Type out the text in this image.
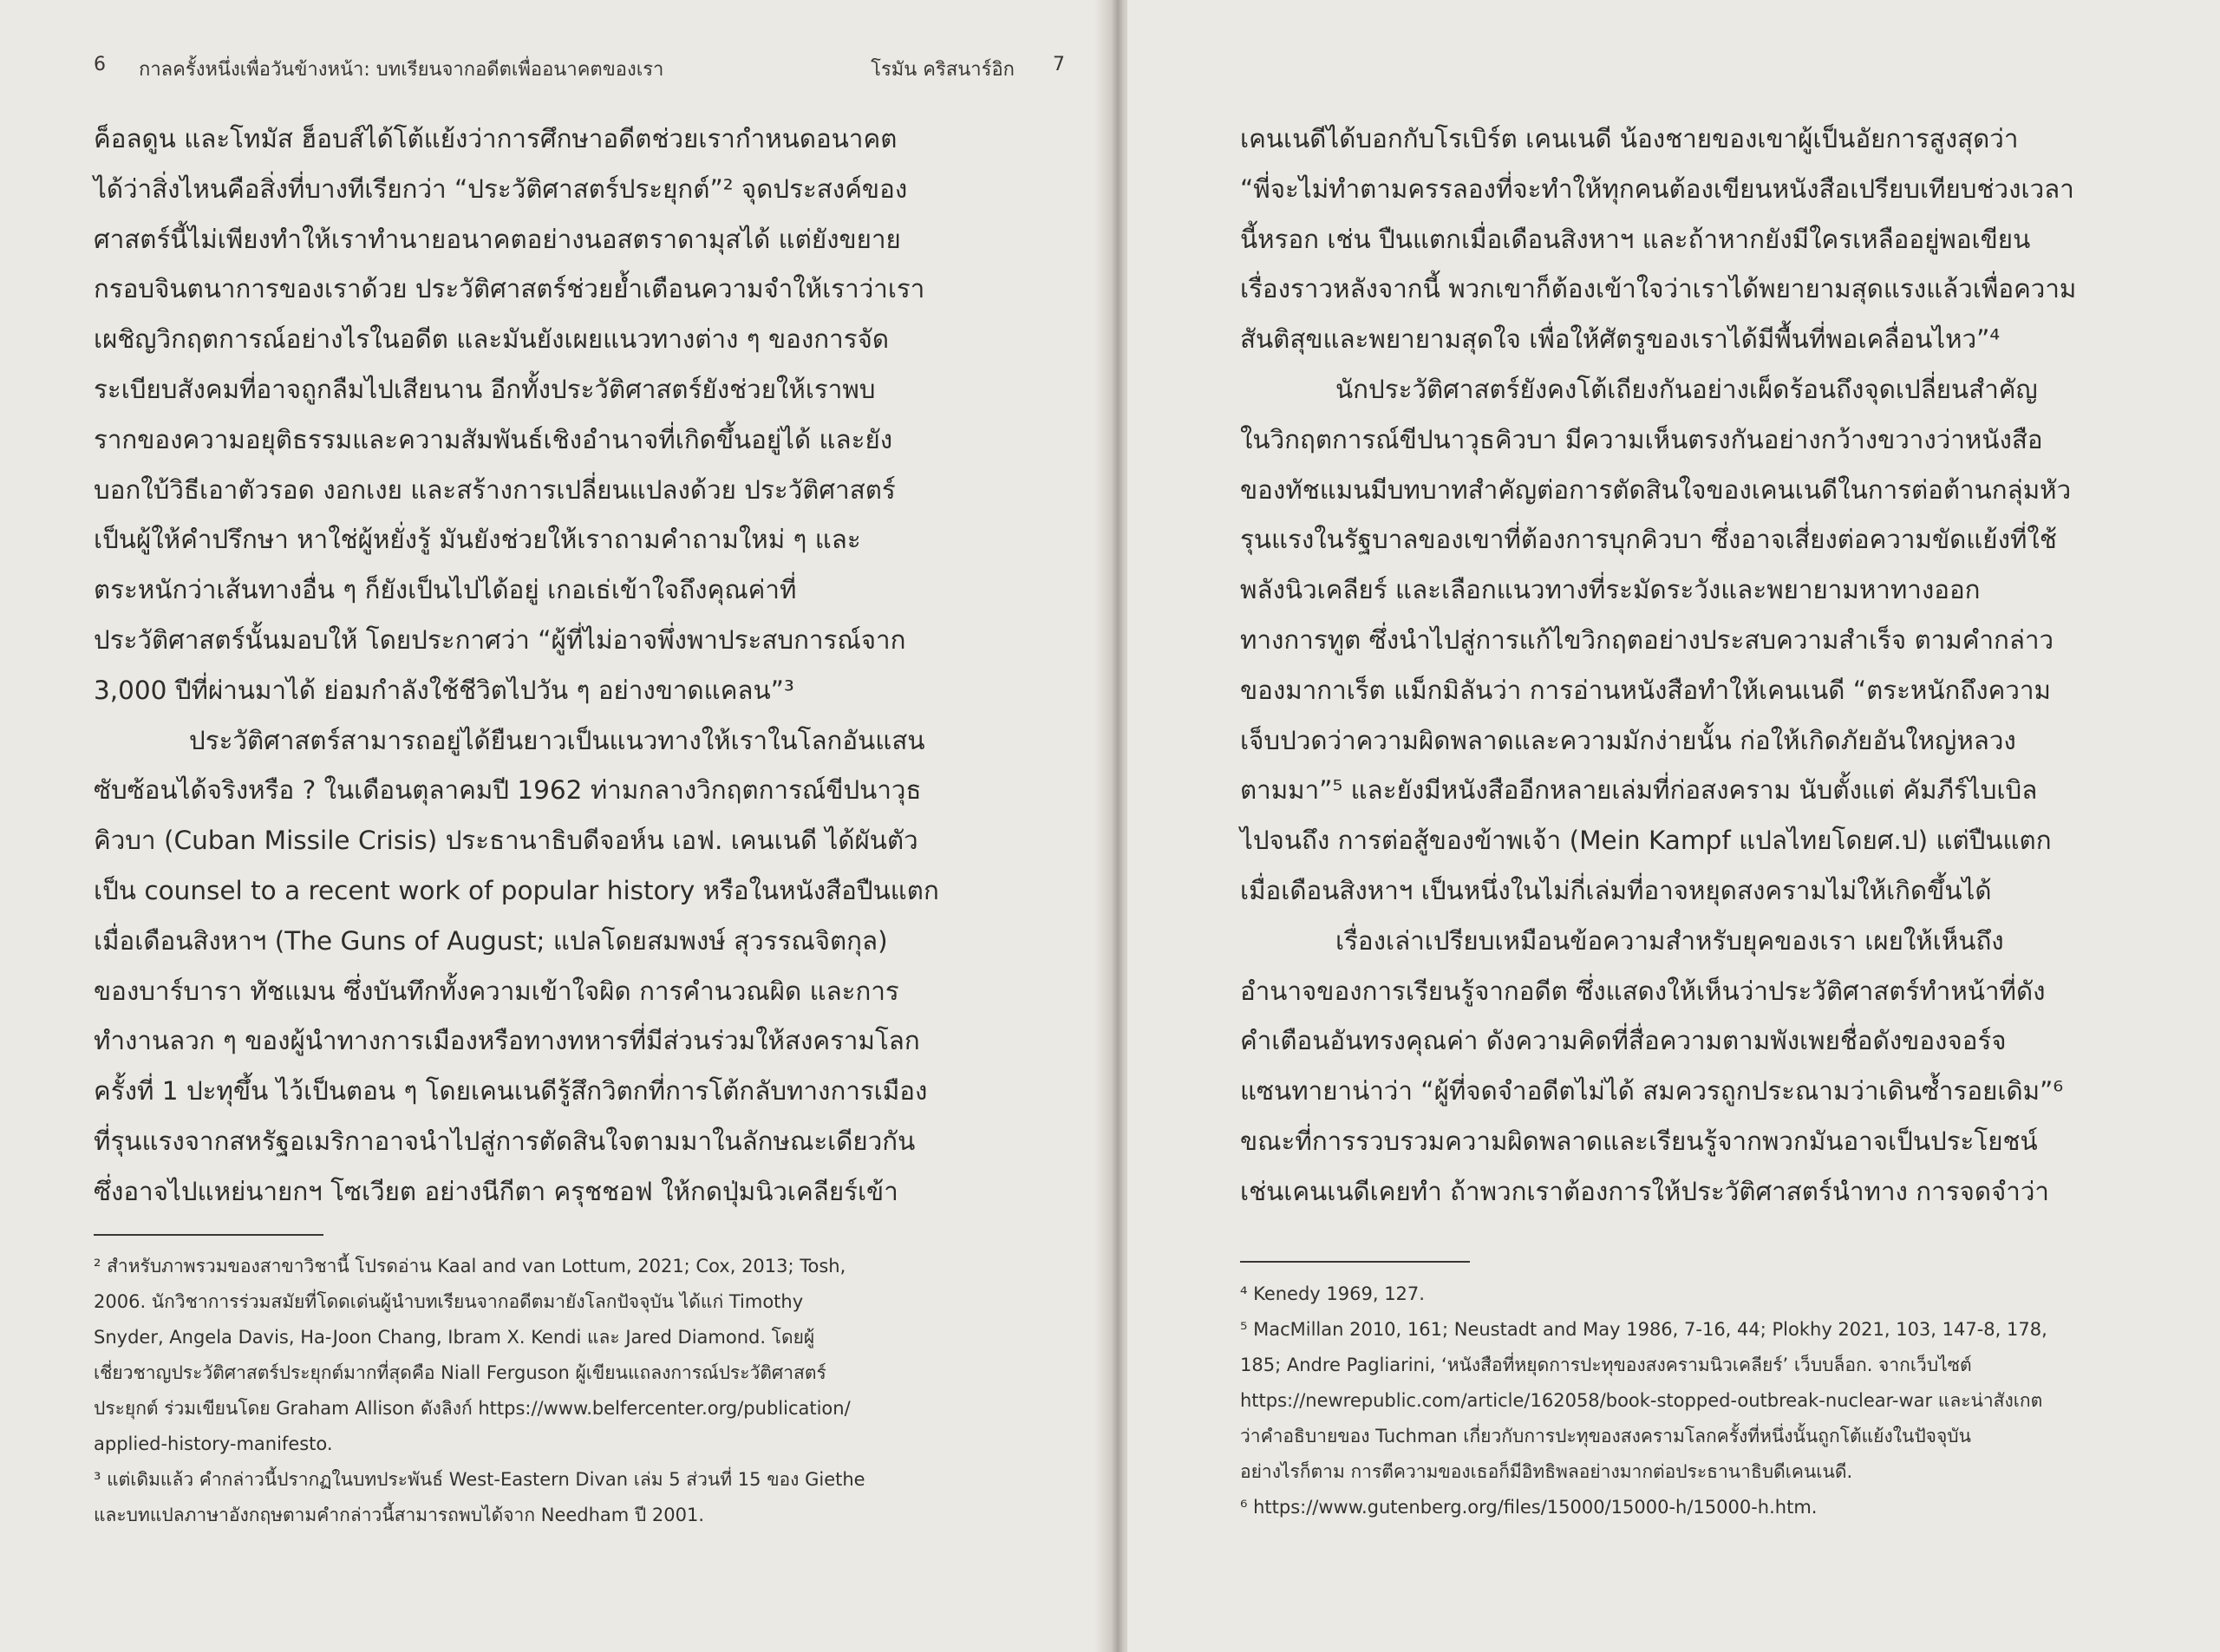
6 กาลครั้งหนึ่งเพื่อวันข้างหน้า: บทเรียนจากอดีตเพื่ออนาคตของเรา
ค็อลดูน และโทมัส ฮ็อบส์ได้โต้แย้งว่าการศึกษาอดีตช่วยเรากำหนดอนาคต
ได้ว่าสิ่งไหนคือสิ่งที่บางทีเรียกว่า “ประวัติศาสตร์ประยุกต์”² จุดประสงค์ของ
ศาสตร์นี้ไม่เพียงทำให้เราทำนายอนาคตอย่างนอสตราดามุสได้ แต่ยังขยาย
กรอบจินตนาการของเราด้วย ประวัติศาสตร์ช่วยย้ำเตือนความจำให้เราว่าเรา
เผชิญวิกฤตการณ์อย่างไรในอดีต และมันยังเผยแนวทางต่าง ๆ ของการจัด
ระเบียบสังคมที่อาจถูกลืมไปเสียนาน อีกทั้งประวัติศาสตร์ยังช่วยให้เราพบ
รากของความอยุติธรรมและความสัมพันธ์เชิงอำนาจที่เกิดขึ้นอยู่ได้ และยัง
บอกใบ้วิธีเอาตัวรอด งอกเงย และสร้างการเปลี่ยนแปลงด้วย ประวัติศาสตร์
เป็นผู้ให้คำปรึกษา หาใช่ผู้หยั่งรู้ มันยังช่วยให้เราถามคำถามใหม่ ๆ และ
ตระหนักว่าเส้นทางอื่น ๆ ก็ยังเป็นไปได้อยู่ เกอเธ่เข้าใจถึงคุณค่าที่
ประวัติศาสตร์นั้นมอบให้ โดยประกาศว่า “ผู้ที่ไม่อาจพึ่งพาประสบการณ์จาก
3,000 ปีที่ผ่านมาได้ ย่อมกำลังใช้ชีวิตไปวัน ๆ อย่างขาดแคลน”³
ประวัติศาสตร์สามารถอยู่ได้ยืนยาวเป็นแนวทางให้เราในโลกอันแสน
ซับซ้อนได้จริงหรือ ? ในเดือนตุลาคมปี 1962 ท่ามกลางวิกฤตการณ์ขีปนาวุธ
คิวบา (Cuban Missile Crisis) ประธานาธิบดีจอห์น เอฟ. เคนเนดี ได้ผันตัว
เป็น counsel to a recent work of popular history หรือในหนังสือปืนแตก
เมื่อเดือนสิงหาฯ (The Guns of August; แปลโดยสมพงษ์ สุวรรณจิตกุล)
ของบาร์บารา ทัชแมน ซึ่งบันทึกทั้งความเข้าใจผิด การคำนวณผิด และการ
ทำงานลวก ๆ ของผู้นำทางการเมืองหรือทางทหารที่มีส่วนร่วมให้สงครามโลก
ครั้งที่ 1 ปะทุขึ้น ไว้เป็นตอน ๆ โดยเคนเนดีรู้สึกวิตกที่การโต้กลับทางการเมือง
ที่รุนแรงจากสหรัฐอเมริกาอาจนำไปสู่การตัดสินใจตามมาในลักษณะเดียวกัน
ซึ่งอาจไปแหย่นายกฯ โซเวียต อย่างนีกีตา ครุชชอฟ ให้กดปุ่มนิวเคลียร์เข้า
² สำหรับภาพรวมของสาขาวิชานี้ โปรดอ่าน Kaal and van Lottum, 2021; Cox, 2013; Tosh,
2006. นักวิชาการร่วมสมัยที่โดดเด่นผู้นำบทเรียนจากอดีตมายังโลกปัจจุบัน ได้แก่ Timothy
Snyder, Angela Davis, Ha-Joon Chang, Ibram X. Kendi และ Jared Diamond. โดยผู้
เชี่ยวชาญประวัติศาสตร์ประยุกต์มากที่สุดคือ Niall Ferguson ผู้เขียนแถลงการณ์ประวัติศาสตร์
ประยุกต์ ร่วมเขียนโดย Graham Allison ดังลิงก์ https://www.belfercenter.org/publication/
applied-history-manifesto.
³ แต่เดิมแล้ว คำกล่าวนี้ปรากฏในบทประพันธ์ West-Eastern Divan เล่ม 5 ส่วนที่ 15 ของ Giethe
และบทแปลภาษาอังกฤษตามคำกล่าวนี้สามารถพบได้จาก Needham ปี 2001.
โรมัน คริสนาร์อิก 7
เคนเนดีได้บอกกับโรเบิร์ต เคนเนดี น้องชายของเขาผู้เป็นอัยการสูงสุดว่า
“พี่จะไม่ทำตามครรลองที่จะทำให้ทุกคนต้องเขียนหนังสือเปรียบเทียบช่วงเวลา
นี้หรอก เช่น ปืนแตกเมื่อเดือนสิงหาฯ และถ้าหากยังมีใครเหลืออยู่พอเขียน
เรื่องราวหลังจากนี้ พวกเขาก็ต้องเข้าใจว่าเราได้พยายามสุดแรงแล้วเพื่อความ
สันติสุขและพยายามสุดใจ เพื่อให้ศัตรูของเราได้มีพื้นที่พอเคลื่อนไหว”⁴
นักประวัติศาสตร์ยังคงโต้เถียงกันอย่างเผ็ดร้อนถึงจุดเปลี่ยนสำคัญ
ในวิกฤตการณ์ขีปนาวุธคิวบา มีความเห็นตรงกันอย่างกว้างขวางว่าหนังสือ
ของทัชแมนมีบทบาทสำคัญต่อการตัดสินใจของเคนเนดีในการต่อต้านกลุ่มหัว
รุนแรงในรัฐบาลของเขาที่ต้องการบุกคิวบา ซึ่งอาจเสี่ยงต่อความขัดแย้งที่ใช้
พลังนิวเคลียร์ และเลือกแนวทางที่ระมัดระวังและพยายามหาทางออก
ทางการทูต ซึ่งนำไปสู่การแก้ไขวิกฤตอย่างประสบความสำเร็จ ตามคำกล่าว
ของมากาเร็ต แม็กมิลันว่า การอ่านหนังสือทำให้เคนเนดี “ตระหนักถึงความ
เจ็บปวดว่าความผิดพลาดและความมักง่ายนั้น ก่อให้เกิดภัยอันใหญ่หลวง
ตามมา”⁵ และยังมีหนังสืออีกหลายเล่มที่ก่อสงคราม นับตั้งแต่ คัมภีร์ไบเบิล
ไปจนถึง การต่อสู้ของข้าพเจ้า (Mein Kampf แปลไทยโดยศ.ป) แต่ปืนแตก
เมื่อเดือนสิงหาฯ เป็นหนึ่งในไม่กี่เล่มที่อาจหยุดสงครามไม่ให้เกิดขึ้นได้
เรื่องเล่าเปรียบเหมือนข้อความสำหรับยุคของเรา เผยให้เห็นถึง
อำนาจของการเรียนรู้จากอดีต ซึ่งแสดงให้เห็นว่าประวัติศาสตร์ทำหน้าที่ดัง
คำเตือนอันทรงคุณค่า ดังความคิดที่สื่อความตามพังเพยชื่อดังของจอร์จ
แซนทายาน่าว่า “ผู้ที่จดจำอดีตไม่ได้ สมควรถูกประณามว่าเดินซ้ำรอยเดิม”⁶
ขณะที่การรวบรวมความผิดพลาดและเรียนรู้จากพวกมันอาจเป็นประโยชน์
เช่นเคนเนดีเคยทำ ถ้าพวกเราต้องการให้ประวัติศาสตร์นำทาง การจดจำว่า
⁴ Kenedy 1969, 127.
⁵ MacMillan 2010, 161; Neustadt and May 1986, 7-16, 44; Plokhy 2021, 103, 147-8, 178,
185; Andre Pagliarini, ‘หนังสือที่หยุดการปะทุของสงครามนิวเคลียร์’ เว็บบล็อก. จากเว็บไซต์
https://newrepublic.com/article/162058/book-stopped-outbreak-nuclear-war และน่าสังเกต
ว่าคำอธิบายของ Tuchman เกี่ยวกับการปะทุของสงครามโลกครั้งที่หนึ่งนั้นถูกโต้แย้งในปัจจุบัน
อย่างไรก็ตาม การตีความของเธอก็มีอิทธิพลอย่างมากต่อประธานาธิบดีเคนเนดี.
⁶ https://www.gutenberg.org/files/15000/15000-h/15000-h.htm.
